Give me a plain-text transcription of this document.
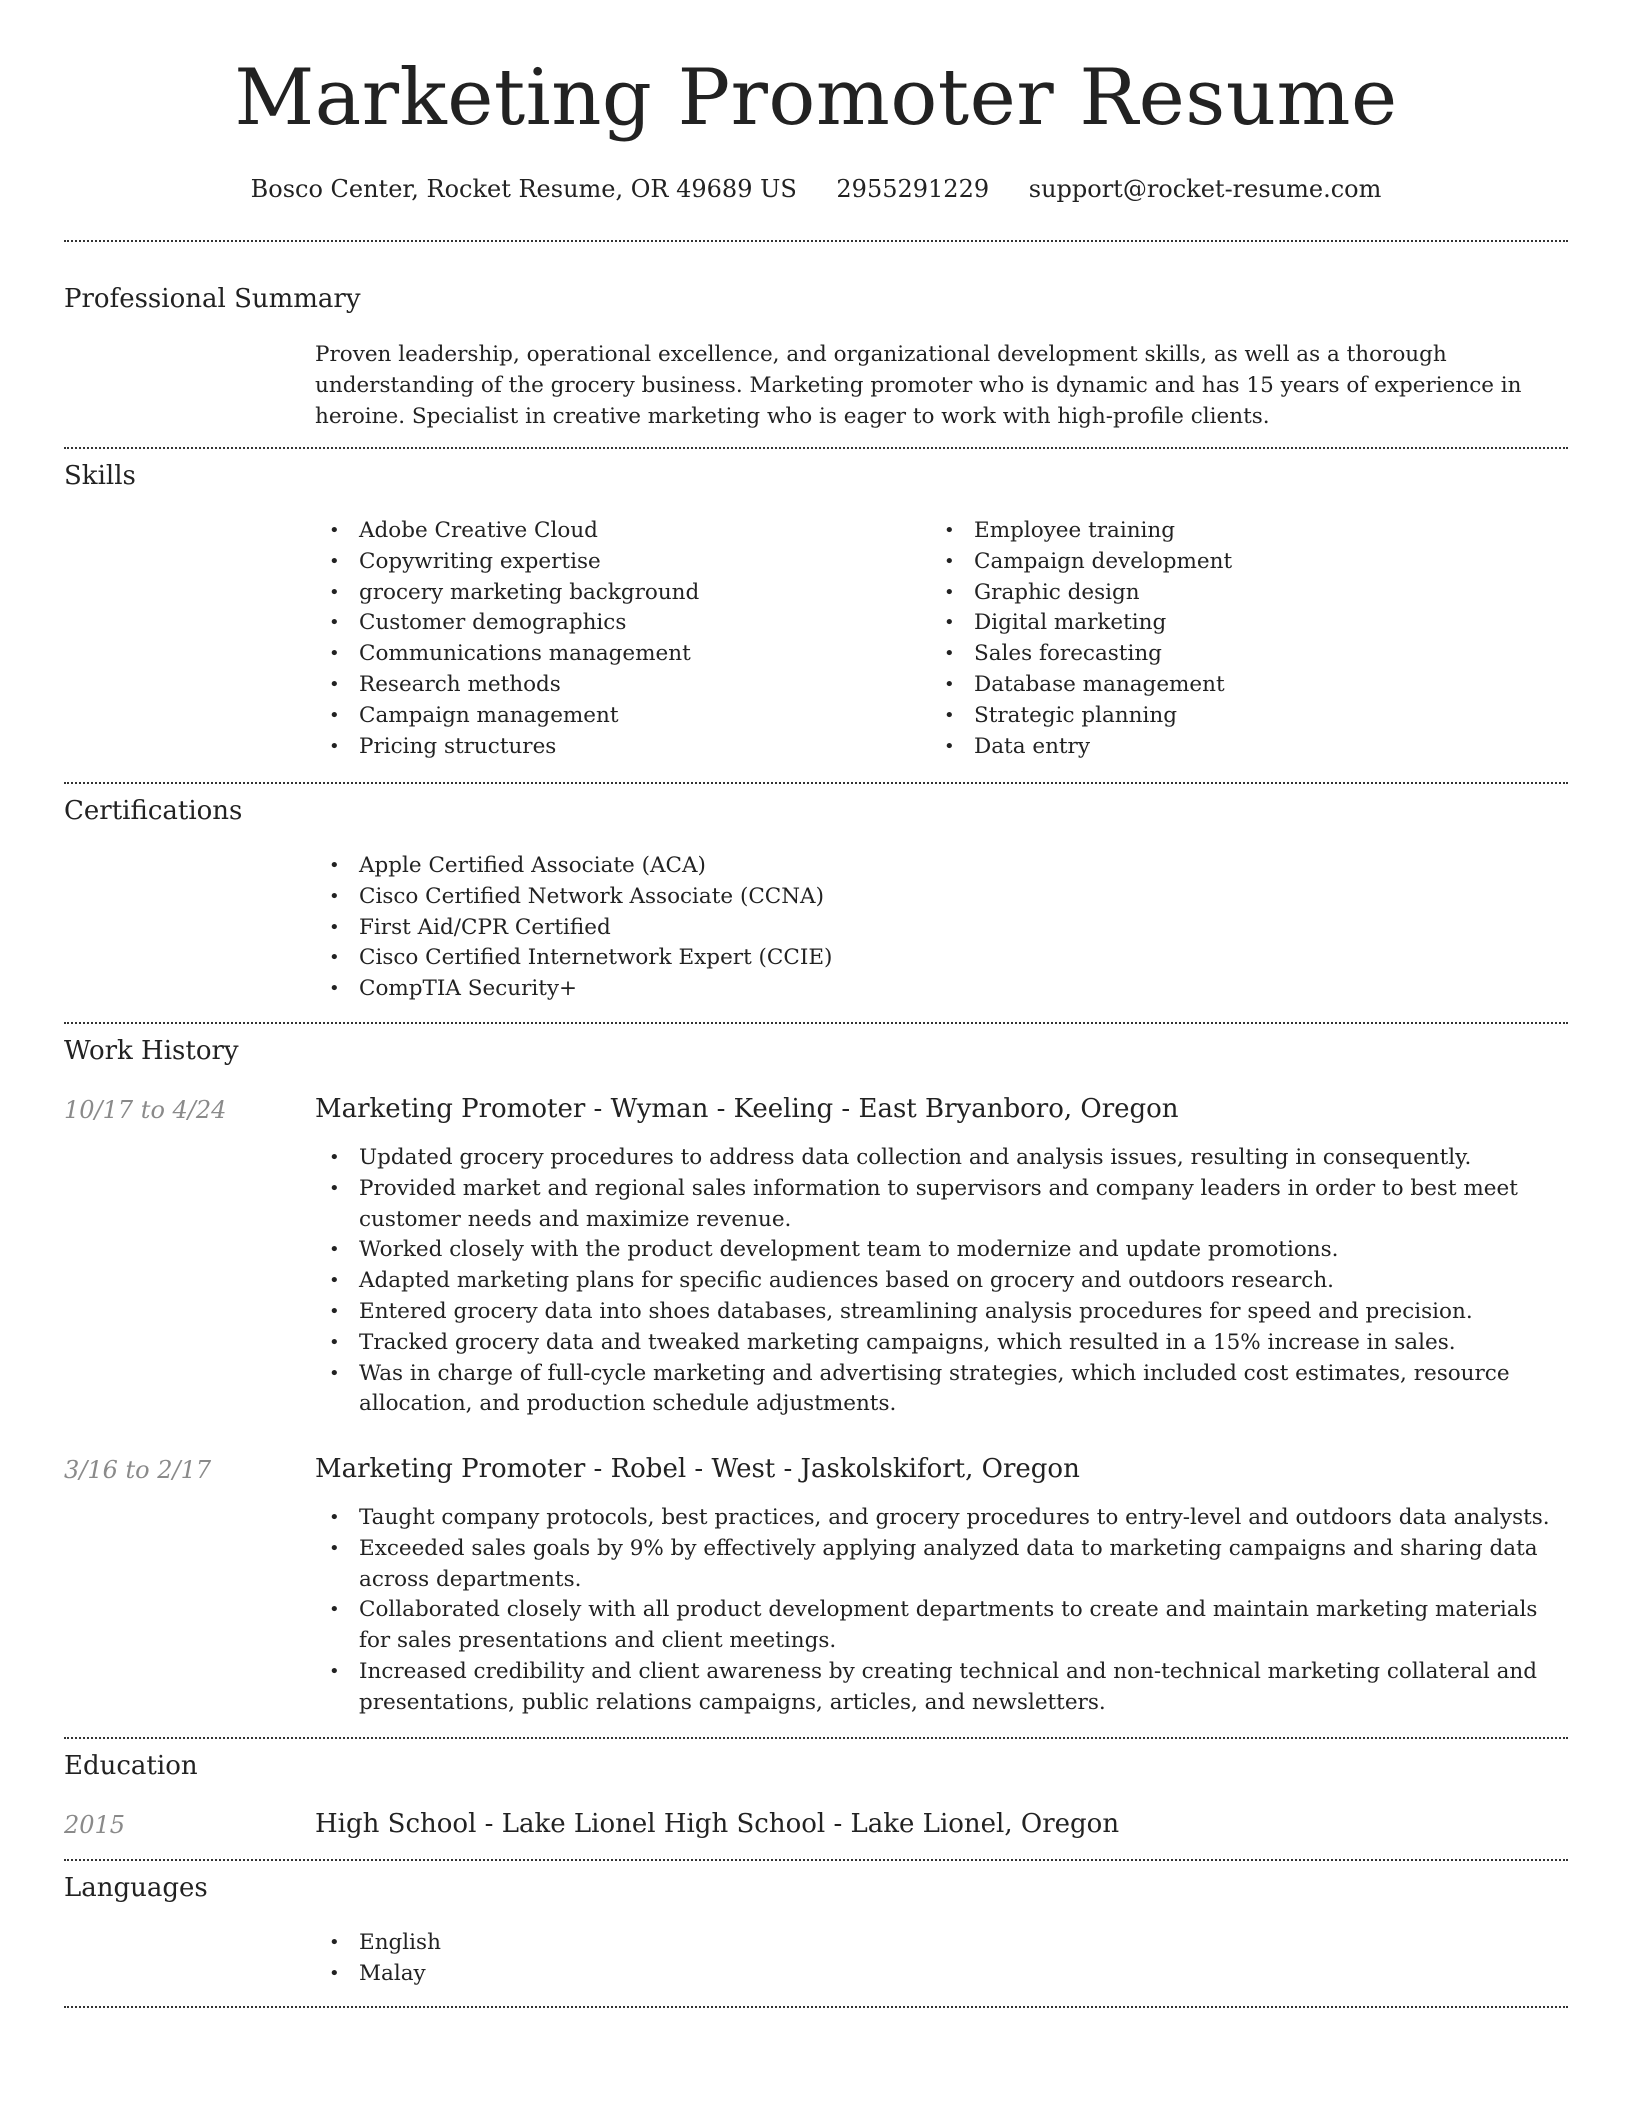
Marketing Promoter Resume
Bosco Center, Rocket Resume, OR 49689 US 2955291229 support@rocket-resume.com
Professional Summary

Proven leadership, operational excellence, and organizational development skills, as well as a thorough understanding of the grocery business. Marketing promoter who is dynamic and has 15 years of experience in heroine. Specialist in creative marketing who is eager to work with high-profile clients.

Skills
• Adobe Creative Cloud
• Copywriting expertise
• grocery marketing background
• Customer demographics
• Communications management
• Research methods
• Campaign management
• Pricing structures
• Employee training
• Campaign development
• Graphic design
• Digital marketing
• Sales forecasting
• Database management
• Strategic planning
• Data entry
Certifications
• Apple Certified Associate (ACA)
• Cisco Certified Network Associate (CCNA)
• First Aid/CPR Certified
• Cisco Certified Internetwork Expert (CCIE)
• CompTIA Security+
Work History
10/17 to 4/24	Marketing Promoter - Wyman - Keeling - East Bryanboro, Oregon
• Updated grocery procedures to address data collection and analysis issues, resulting in consequently.
• Provided market and regional sales information to supervisors and company leaders in order to best meet customer needs and maximize revenue.
• Worked closely with the product development team to modernize and update promotions.
• Adapted marketing plans for specific audiences based on grocery and outdoors research.
• Entered grocery data into shoes databases, streamlining analysis procedures for speed and precision.
• Tracked grocery data and tweaked marketing campaigns, which resulted in a 15% increase in sales.
• Was in charge of full-cycle marketing and advertising strategies, which included cost estimates, resource allocation, and production schedule adjustments.
3/16 to 2/17	Marketing Promoter - Robel - West - Jaskolskifort, Oregon
• Taught company protocols, best practices, and grocery procedures to entry-level and outdoors data analysts.
• Exceeded sales goals by 9% by effectively applying analyzed data to marketing campaigns and sharing data across departments.
• Collaborated closely with all product development departments to create and maintain marketing materials for sales presentations and client meetings.
• Increased credibility and client awareness by creating technical and non-technical marketing collateral and presentations, public relations campaigns, articles, and newsletters.
Education
2015	High School - Lake Lionel High School - Lake Lionel, Oregon
Languages
• English
• Malay
